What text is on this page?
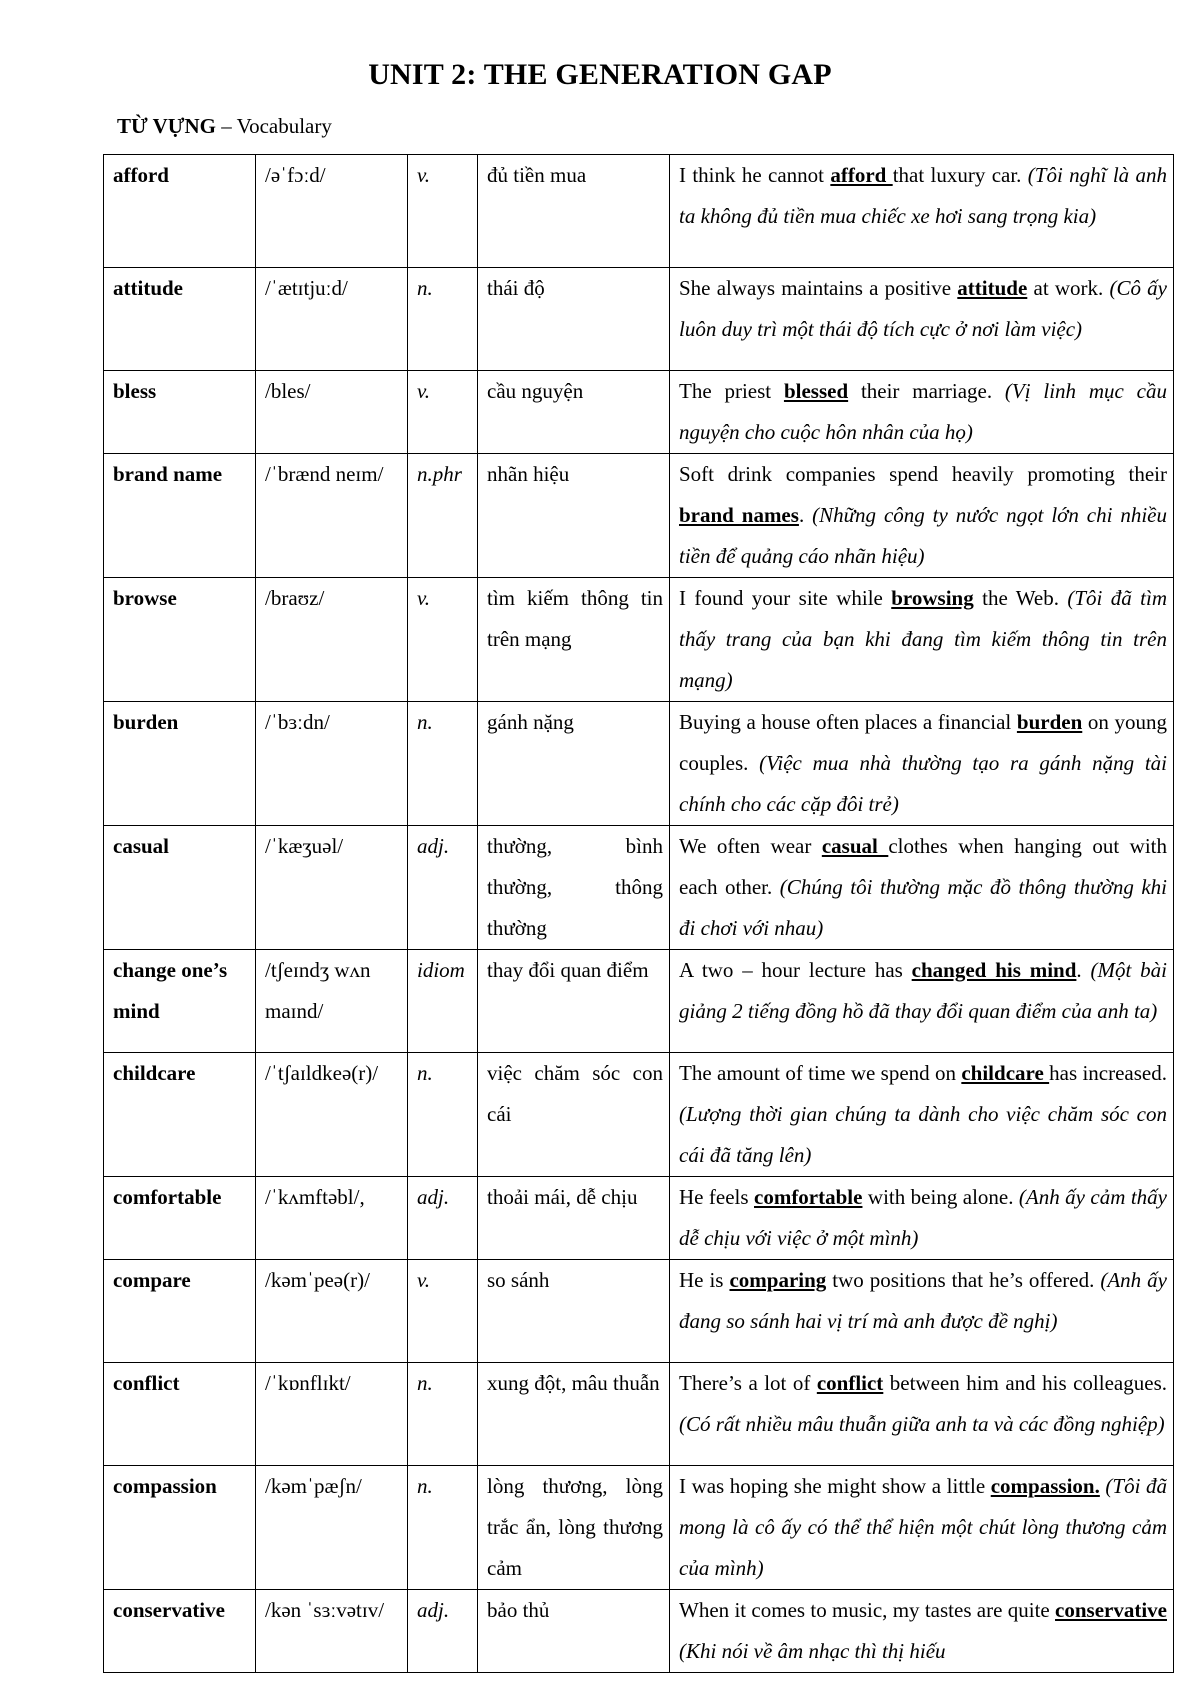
UNIT 2: THE GENERATION GAP
TỪ VỰNG – Vocabulary
afford	/əˈfɔːd/	v.	đủ tiền mua	I think he cannot afford that luxury car. (Tôi nghĩ là anh ta không đủ tiền mua chiếc xe hơi sang trọng kia)
attitude	/ˈætɪtjuːd/	n.	thái độ	She always maintains a positive attitude at work. (Cô ấy luôn duy trì một thái độ tích cực ở nơi làm việc)
bless	/bles/	v.	cầu nguyện	The priest blessed their marriage. (Vị linh mục cầu nguyện cho cuộc hôn nhân của họ)
brand name	/ˈbrænd neɪm/	n.phr	nhãn hiệu	Soft drink companies spend heavily promoting their brand names. (Những công ty nước ngọt lớn chi nhiều tiền để quảng cáo nhãn hiệu)
browse	/braʊz/	v.	tìm kiếm thông tin trên mạng	I found your site while browsing the Web. (Tôi đã tìm thấy trang của bạn khi đang tìm kiếm thông tin trên mạng)
burden	/ˈbɜːdn/	n.	gánh nặng	Buying a house often places a financial burden on young couples. (Việc mua nhà thường tạo ra gánh nặng tài chính cho các cặp đôi trẻ)
casual	/ˈkæʒuəl/	adj.	thường, bình thường, thông thường	We often wear casual clothes when hanging out with each other. (Chúng tôi thường mặc đồ thông thường khi đi chơi với nhau)
change one’s mind	/tʃeɪndʒ wʌn maɪnd/	idiom	thay đổi quan điểm	A two – hour lecture has changed his mind. (Một bài giảng 2 tiếng đồng hồ đã thay đổi quan điểm của anh ta)
childcare	/ˈtʃaɪldkeə(r)/	n.	việc chăm sóc con cái	The amount of time we spend on childcare has increased. (Lượng thời gian chúng ta dành cho việc chăm sóc con cái đã tăng lên)
comfortable	/ˈkʌmftəbl/,	adj.	thoải mái, dễ chịu	He feels comfortable with being alone. (Anh ấy cảm thấy dễ chịu với việc ở một mình)
compare	/kəmˈpeə(r)/	v.	so sánh	He is comparing two positions that he’s offered. (Anh ấy đang so sánh hai vị trí mà anh được đề nghị)
conflict	/ˈkɒnflɪkt/	n.	xung đột, mâu thuẫn	There’s a lot of conflict between him and his colleagues. (Có rất nhiều mâu thuẫn giữa anh ta và các đồng nghiệp)
compassion	/kəmˈpæʃn/	n.	lòng thương, lòng trắc ẩn, lòng thương cảm	I was hoping she might show a little compassion. (Tôi đã mong là cô ấy có thể thể hiện một chút lòng thương cảm của mình)
conservative	/kən ˈsɜːvətɪv/	adj.	bảo thủ	When it comes to music, my tastes are quite conservative (Khi nói về âm nhạc thì thị hiếu
